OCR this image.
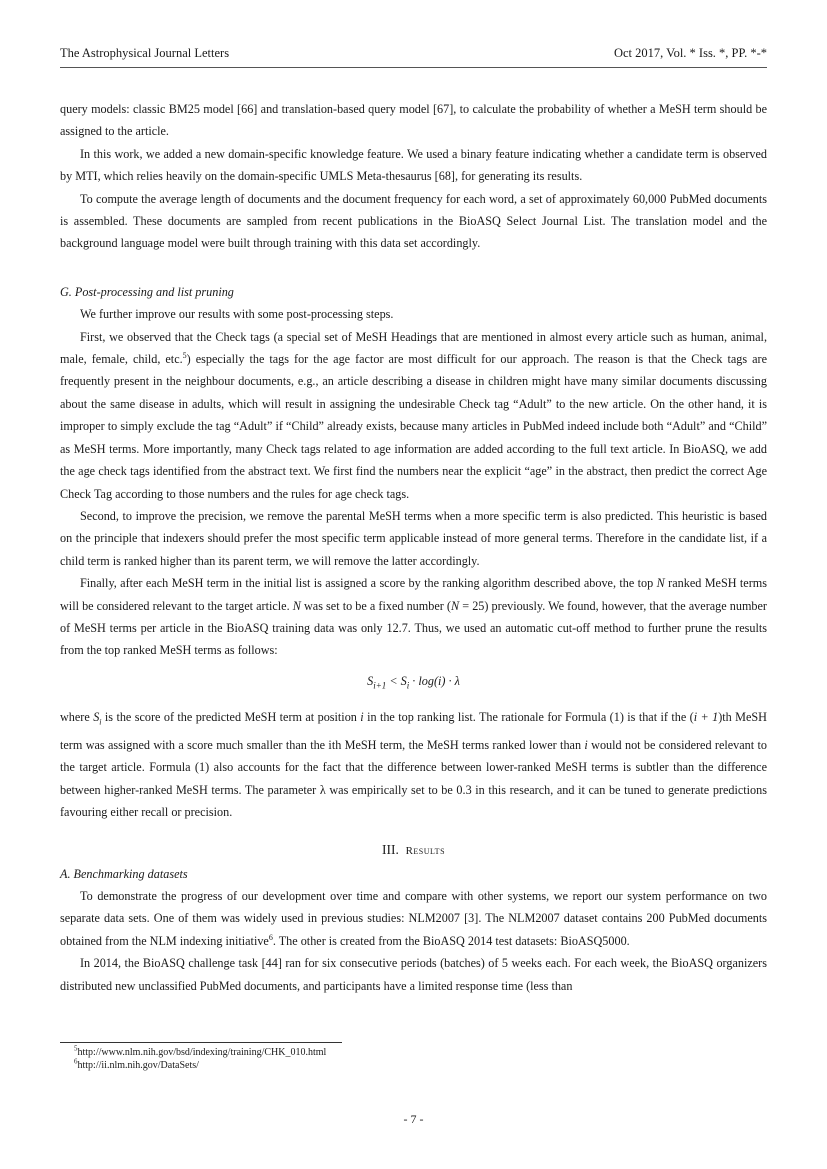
The Astrophysical Journal Letters	Oct 2017, Vol. * Iss. *, PP. *-*

query models: classic BM25 model [66] and translation-based query model [67], to calculate the probability of whether a MeSH term should be assigned to the article.

In this work, we added a new domain-specific knowledge feature. We used a binary feature indicating whether a candidate term is observed by MTI, which relies heavily on the domain-specific UMLS Meta-thesaurus [68], for generating its results.

To compute the average length of documents and the document frequency for each word, a set of approximately 60,000 PubMed documents is assembled. These documents are sampled from recent publications in the BioASQ Select Journal List. The translation model and the background language model were built through training with this data set accordingly.

G. Post-processing and list pruning

We further improve our results with some post-processing steps.

First, we observed that the Check tags (a special set of MeSH Headings that are mentioned in almost every article such as human, animal, male, female, child, etc.$^5$) especially the tags for the age factor are most difficult for our approach. The reason is that the Check tags are frequently present in the neighbour documents, e.g., an article describing a disease in children might have many similar documents discussing about the same disease in adults, which will result in assigning the undesirable Check tag “Adult” to the new article. On the other hand, it is improper to simply exclude the tag “Adult” if “Child” already exists, because many articles in PubMed indeed include both “Adult” and “Child” as MeSH terms. More importantly, many Check tags related to age information are added according to the full text article. In BioASQ, we add the age check tags identified from the abstract text. We first find the numbers near the explicit “age” in the abstract, then predict the correct Age Check Tag according to those numbers and the rules for age check tags.

Second, to improve the precision, we remove the parental MeSH terms when a more specific term is also predicted. This heuristic is based on the principle that indexers should prefer the most specific term applicable instead of more general terms. Therefore in the candidate list, if a child term is ranked higher than its parent term, we will remove the latter accordingly.

Finally, after each MeSH term in the initial list is assigned a score by the ranking algorithm described above, the top N ranked MeSH terms will be considered relevant to the target article. N was set to be a fixed number (N = 25) previously. We found, however, that the average number of MeSH terms per article in the BioASQ training data was only 12.7. Thus, we used an automatic cut-off method to further prune the results from the top ranked MeSH terms as follows:

$S_{i+1} < S_i \cdot \log(i) \cdot \lambda$

where $S_i$ is the score of the predicted MeSH term at position i in the top ranking list. The rationale for Formula (1) is that if the (i + 1)th MeSH term was assigned with a score much smaller than the ith MeSH term, the MeSH terms ranked lower than i would not be considered relevant to the target article. Formula (1) also accounts for the fact that the difference between lower-ranked MeSH terms is subtler than the difference between higher-ranked MeSH terms. The parameter λ was empirically set to be 0.3 in this research, and it can be tuned to generate predictions favouring either recall or precision.

III. Results

A. Benchmarking datasets

To demonstrate the progress of our development over time and compare with other systems, we report our system performance on two separate data sets. One of them was widely used in previous studies: NLM2007 [3]. The NLM2007 dataset contains 200 PubMed documents obtained from the NLM indexing initiative$^6$. The other is created from the BioASQ 2014 test datasets: BioASQ5000.

In 2014, the BioASQ challenge task [44] ran for six consecutive periods (batches) of 5 weeks each. For each week, the BioASQ organizers distributed new unclassified PubMed documents, and participants have a limited response time (less than

$^5$http://www.nlm.nih.gov/bsd/indexing/training/CHK_010.html
$^6$http://ii.nlm.nih.gov/DataSets/
- 7 -
